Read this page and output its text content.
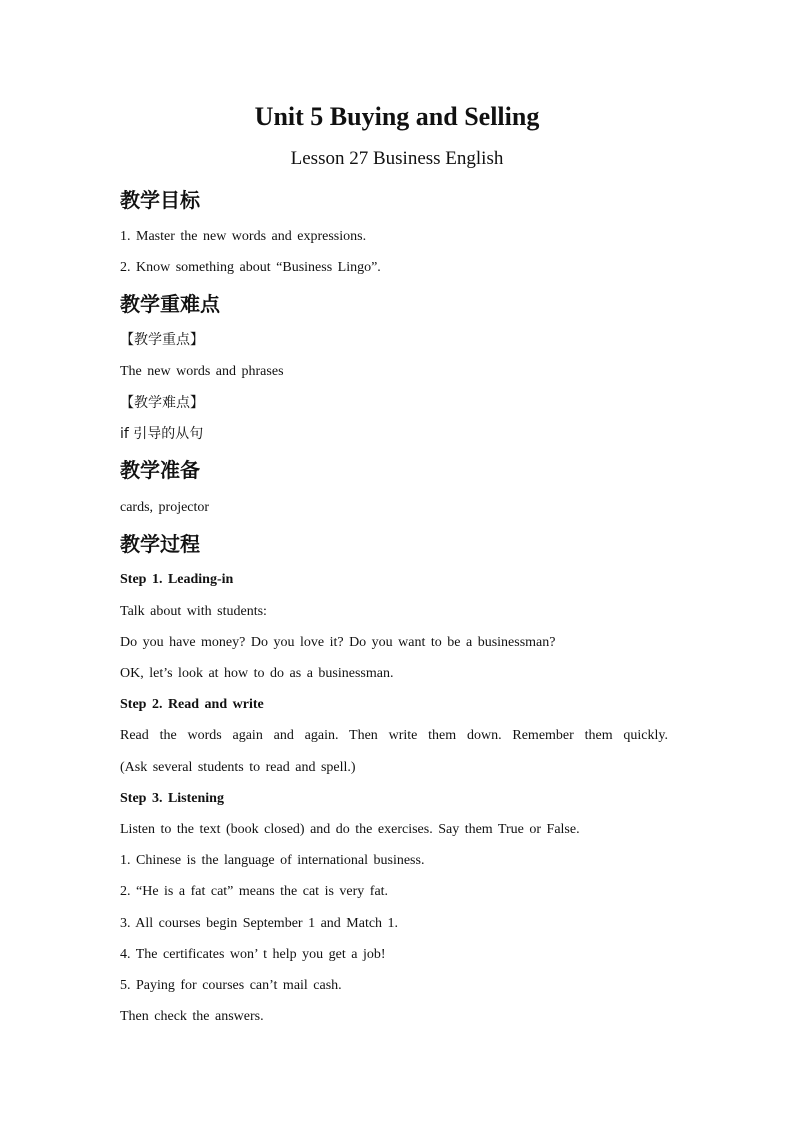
Unit 5 Buying and Selling
Lesson 27 Business English
教学目标
1. Master the new words and expressions.
2. Know something about “Business Lingo”.
教学重难点
【教学重点】
The new words and phrases
【教学难点】
if 引导的从句
教学准备
cards, projector
教学过程
Step 1. Leading-in
Talk about with students:
Do you have money? Do you love it? Do you want to be a businessman?
OK, let’s look at how to do as a businessman.
Step 2. Read and write
Read the words again and again. Then write them down. Remember them quickly.
(Ask several students to read and spell.)
Step 3. Listening
Listen to the text (book closed) and do the exercises. Say them True or False.
1. Chinese is the language of international business.
2. “He is a fat cat” means the cat is very fat.
3. All courses begin September 1 and Match 1.
4. The certificates won’ t help you get a job!
5. Paying for courses can’t mail cash.
Then check the answers.
